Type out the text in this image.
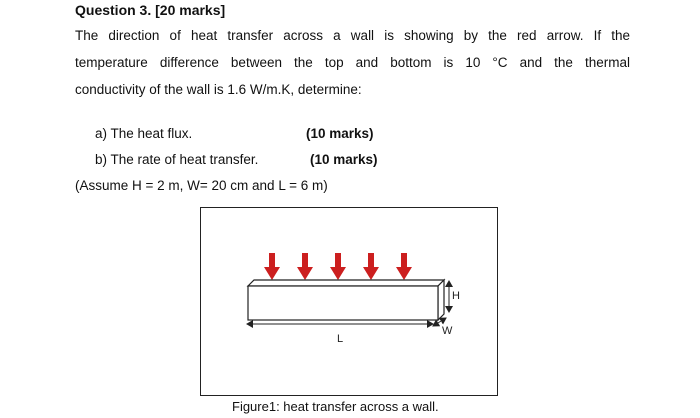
Question 3. [20 marks]
The direction of heat transfer across a wall is showing by the red arrow. If the
temperature difference between the top and bottom is 10 °C and the thermal
conductivity of the wall is 1.6 W/m.K, determine:
a) The heat flux.	(10 marks)
b) The rate of heat transfer.	(10 marks)
(Assume H = 2 m, W= 20 cm and L = 6 m)
H
W
L
Figure1: heat transfer across a wall.
